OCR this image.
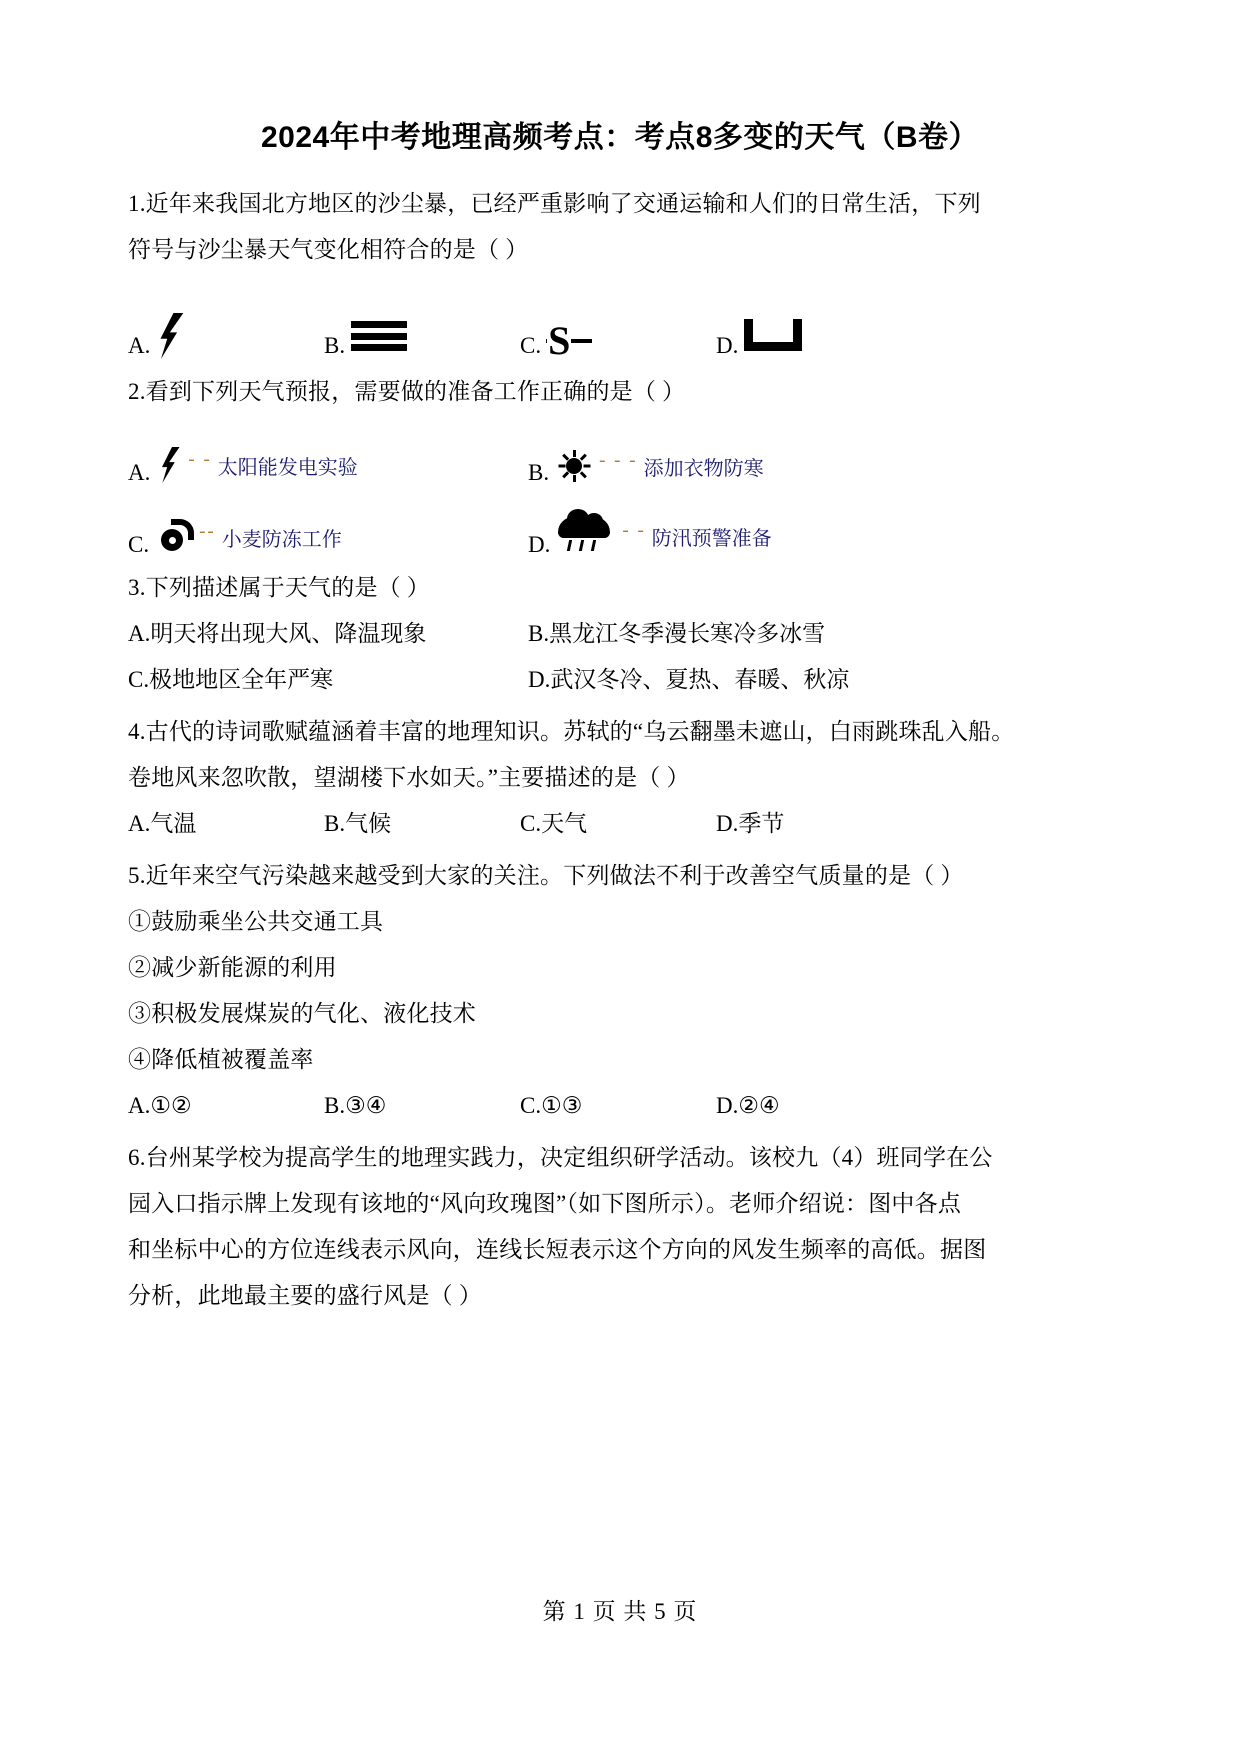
2024年中考地理高频考点：考点8多变的天气（B卷）

1.近年来我国北方地区的沙尘暴，已经严重影响了交通运输和人们的日常生活，下列

符号与沙尘暴天气变化相符合的是（ ）

A.	B.	C. S	D.

2.看到下列天气预报，需要做的准备工作正确的是（ ）

A.
- - 太阳能发电实验	B.	- - - 添加衣物防寒
C.
-- 小麦防冻工作	D.
- - 防汛预警准备

3.下列描述属于天气的是（ ）

A.明天将出现大风、降温现象	B.黑龙江冬季漫长寒冷多冰雪
C.极地地区全年严寒	D.武汉冬冷、夏热、春暖、秋凉

4.古代的诗词歌赋蕴涵着丰富的地理知识。苏轼的“乌云翻墨未遮山，白雨跳珠乱入船。

卷地风来忽吹散，望湖楼下水如天。”主要描述的是（ ）

A.气温	B.气候	C.天气	D.季节

5.近年来空气污染越来越受到大家的关注。下列做法不利于改善空气质量的是（ ）

①鼓励乘坐公共交通工具

②减少新能源的利用

③积极发展煤炭的气化、液化技术

④降低植被覆盖率

A.①②	B.③④	C.①③	D.②④

6.台州某学校为提高学生的地理实践力，决定组织研学活动。该校九（4）班同学在公

园入口指示牌上发现有该地的“风向玫瑰图”（如下图所示）。老师介绍说：图中各点

和坐标中心的方位连线表示风向，连线长短表示这个方向的风发生频率的高低。据图

分析，此地最主要的盛行风是（ ）

第 1 页 共 5 页
